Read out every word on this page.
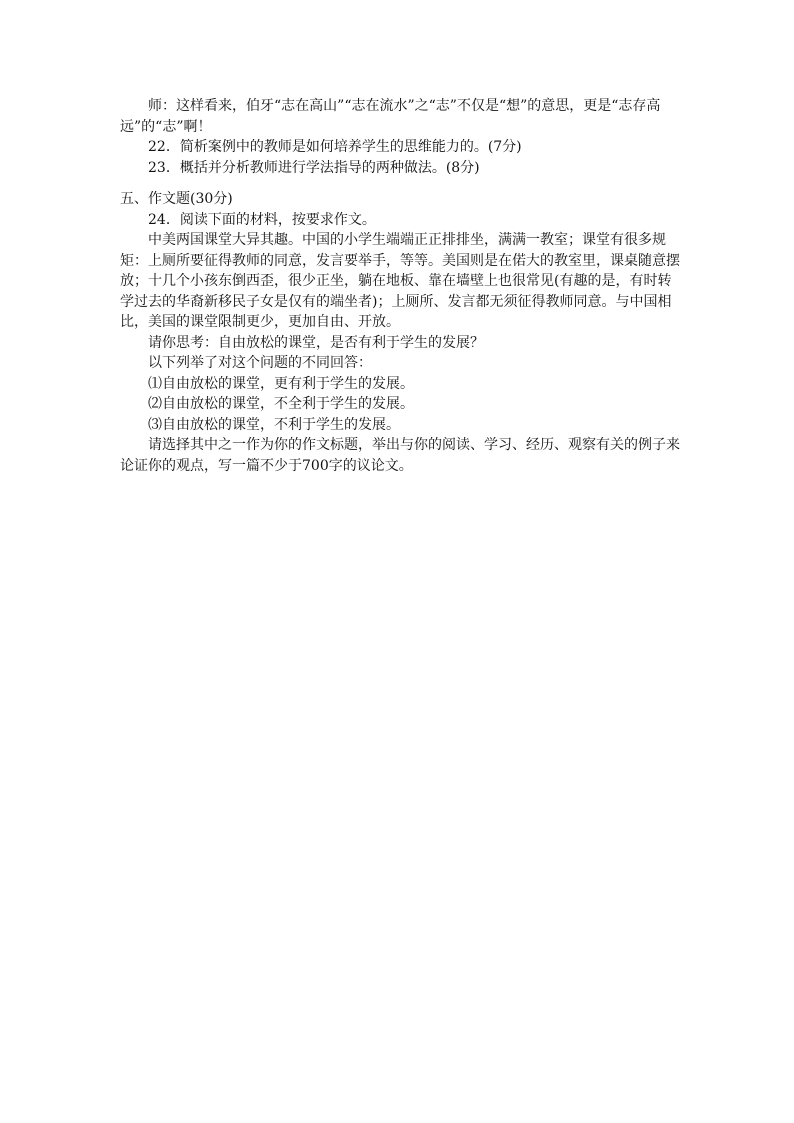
师：这样看来，伯牙“志在高山”“志在流水”之“志”不仅是“想”的意思，更是“志存高远”的“志”啊！

22．简析案例中的教师是如何培养学生的思维能力的。(7分)

23．概括并分析教师进行学法指导的两种做法。(8分)

五、作文题(30分)

24．阅读下面的材料，按要求作文。

中美两国课堂大异其趣。中国的小学生端端正正排排坐，满满一教室；课堂有很多规矩：上厕所要征得教师的同意，发言要举手，等等。美国则是在偌大的教室里，课桌随意摆放；十几个小孩东倒西歪，很少正坐，躺在地板、靠在墙壁上也很常见(有趣的是，有时转学过去的华裔新移民子女是仅有的端坐者)；上厕所、发言都无须征得教师同意。与中国相比，美国的课堂限制更少，更加自由、开放。

请你思考：自由放松的课堂，是否有利于学生的发展？

以下列举了对这个问题的不同回答：

⑴自由放松的课堂，更有利于学生的发展。

⑵自由放松的课堂，不全利于学生的发展。

⑶自由放松的课堂，不利于学生的发展。

请选择其中之一作为你的作文标题，举出与你的阅读、学习、经历、观察有关的例子来论证你的观点，写一篇不少于700字的议论文。
